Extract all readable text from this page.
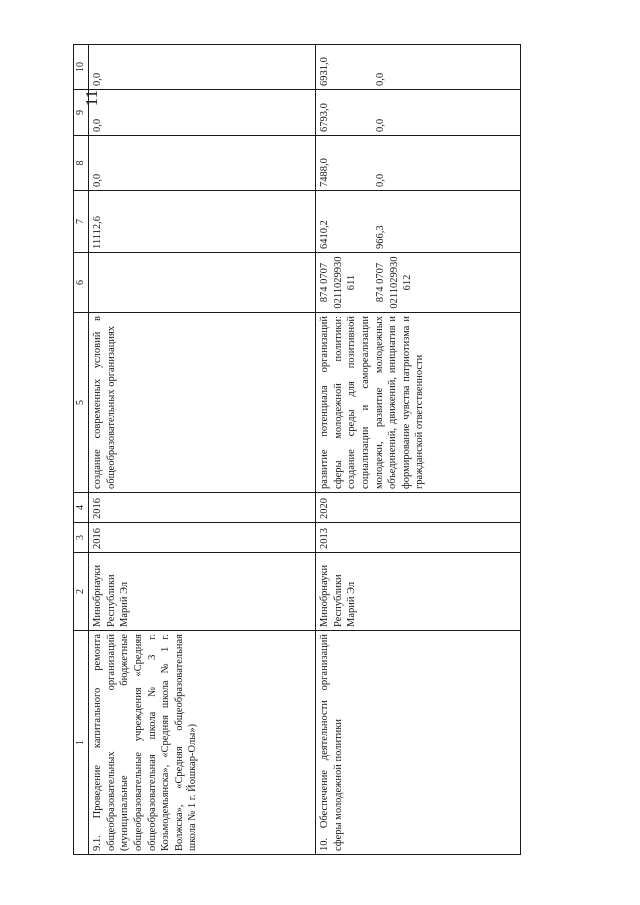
11
1	2	3	4	5	6	7	8	9	10
9.1. Проведение капитального ремонта общеобразовательных организаций (муниципальные бюджетные общеобразовательные учреждения «Средняя общеобразовательная школа № 3 г. Козьмодемьянска», «Средняя школа № 1 г. Волжска», «Средняя общеобразовательная школа № 1 г. Йошкар-Олы»)	Минобрнауки Республики Марий Эл	2016	2016	создание современных условий в общеобразовательных организациях		11112,6	0,0	0,0	0,0

10. Обеспечение деятельности организаций сферы молодежной политики	Минобрнауки Республики Марий Эл	2013	2020	развитие потенциала организаций сферы молодежной политики: создание среды для позитивной социализации и самореализации молодежи, развитие молодежных объединений, движений, инициатив и формирование чувства патриотизма и гражданской ответственности	874 0707 0211029930 611 874 0707 0211029930 612	6410,2 966,3	7488,0 0,0	6793,0 0,0	6931,0 0,0
